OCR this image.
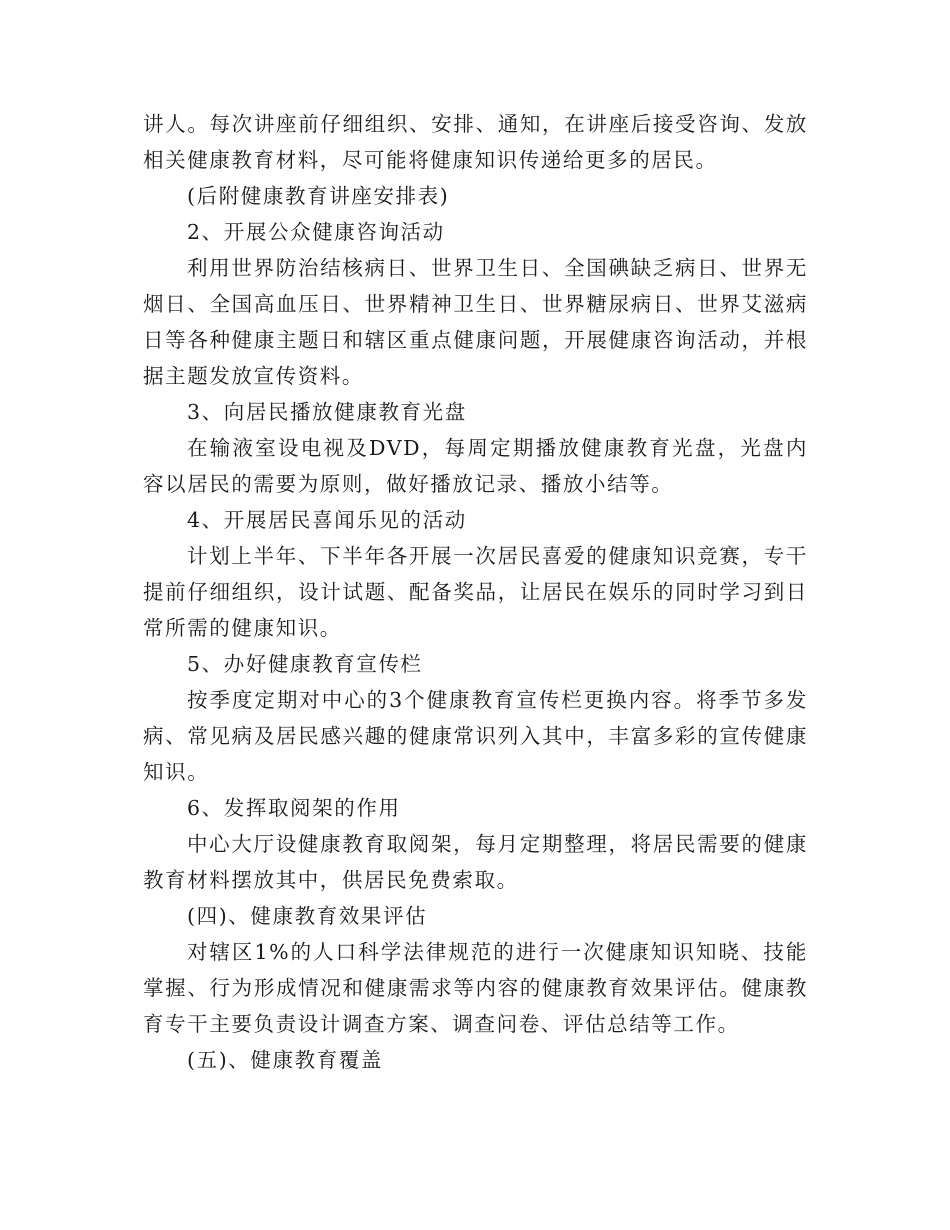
讲人。每次讲座前仔细组织、安排、通知，在讲座后接受咨询、发放相关健康教育材料，尽可能将健康知识传递给更多的居民。

(后附健康教育讲座安排表)

2、开展公众健康咨询活动

利用世界防治结核病日、世界卫生日、全国碘缺乏病日、世界无烟日、全国高血压日、世界精神卫生日、世界糖尿病日、世界艾滋病日等各种健康主题日和辖区重点健康问题，开展健康咨询活动，并根据主题发放宣传资料。

3、向居民播放健康教育光盘

在输液室设电视及DVD，每周定期播放健康教育光盘，光盘内容以居民的需要为原则，做好播放记录、播放小结等。

4、开展居民喜闻乐见的活动

计划上半年、下半年各开展一次居民喜爱的健康知识竞赛，专干提前仔细组织，设计试题、配备奖品，让居民在娱乐的同时学习到日常所需的健康知识。

5、办好健康教育宣传栏

按季度定期对中心的3个健康教育宣传栏更换内容。将季节多发病、常见病及居民感兴趣的健康常识列入其中，丰富多彩的宣传健康知识。

6、发挥取阅架的作用

中心大厅设健康教育取阅架，每月定期整理，将居民需要的健康教育材料摆放其中，供居民免费索取。

(四)、健康教育效果评估

对辖区1%的人口科学法律规范的进行一次健康知识知晓、技能掌握、行为形成情况和健康需求等内容的健康教育效果评估。健康教育专干主要负责设计调查方案、调查问卷、评估总结等工作。

(五)、健康教育覆盖
